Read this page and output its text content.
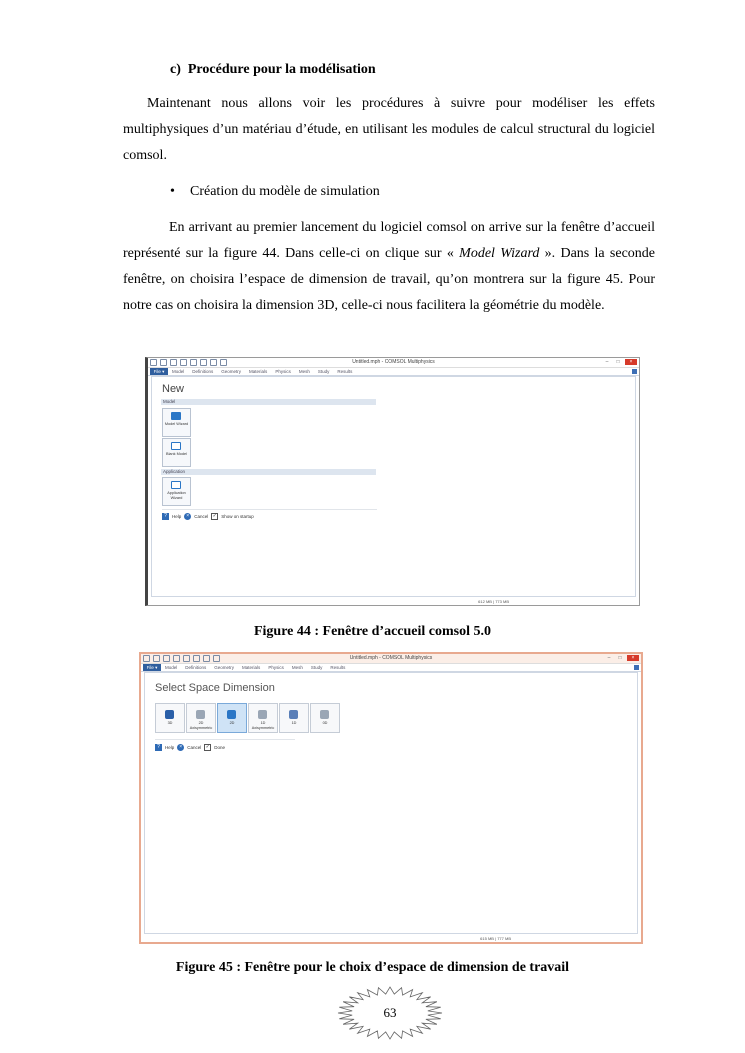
c)  Procédure pour la modélisation
Maintenant nous allons voir les procédures à suivre pour modéliser les effets multiphysiques d’un matériau d’étude, en utilisant les modules de calcul structural du logiciel comsol.
• Création du modèle de simulation
En arrivant au premier lancement du logiciel comsol on arrive sur la fenêtre d’accueil représenté sur la figure 44. Dans celle-ci on clique sur « Model Wizard ». Dans la seconde fenêtre, on choisira l’espace de dimension de travail, qu’on montrera sur la figure 45. Pour notre cas on choisira la dimension 3D, celle-ci nous facilitera la géométrie du modèle.
Untitled.mph - COMSOL Multiphysics	–	□	×
File ▾	Model Definitions Geometry Materials Physics Mesh Study Results
New
Model
Model Wizard
Blank Model
Application
Application Wizard
?	Help	×	Cancel ✓ Show on startup
612 MB | 773 MB
Figure 44 : Fenêtre d’accueil comsol 5.0
Untitled.mph - COMSOL Multiphysics	–	□	×
File ▾	Model Definitions Geometry Materials Physics Mesh Study Results
Select Space Dimension
3D	2D Axisymmetric
2D	1D Axisymmetric
1D	0D
?	Help	×	Cancel ✓ Done
615 MB | 777 MB
Figure 45 : Fenêtre pour le choix d’espace de dimension de travail
63
